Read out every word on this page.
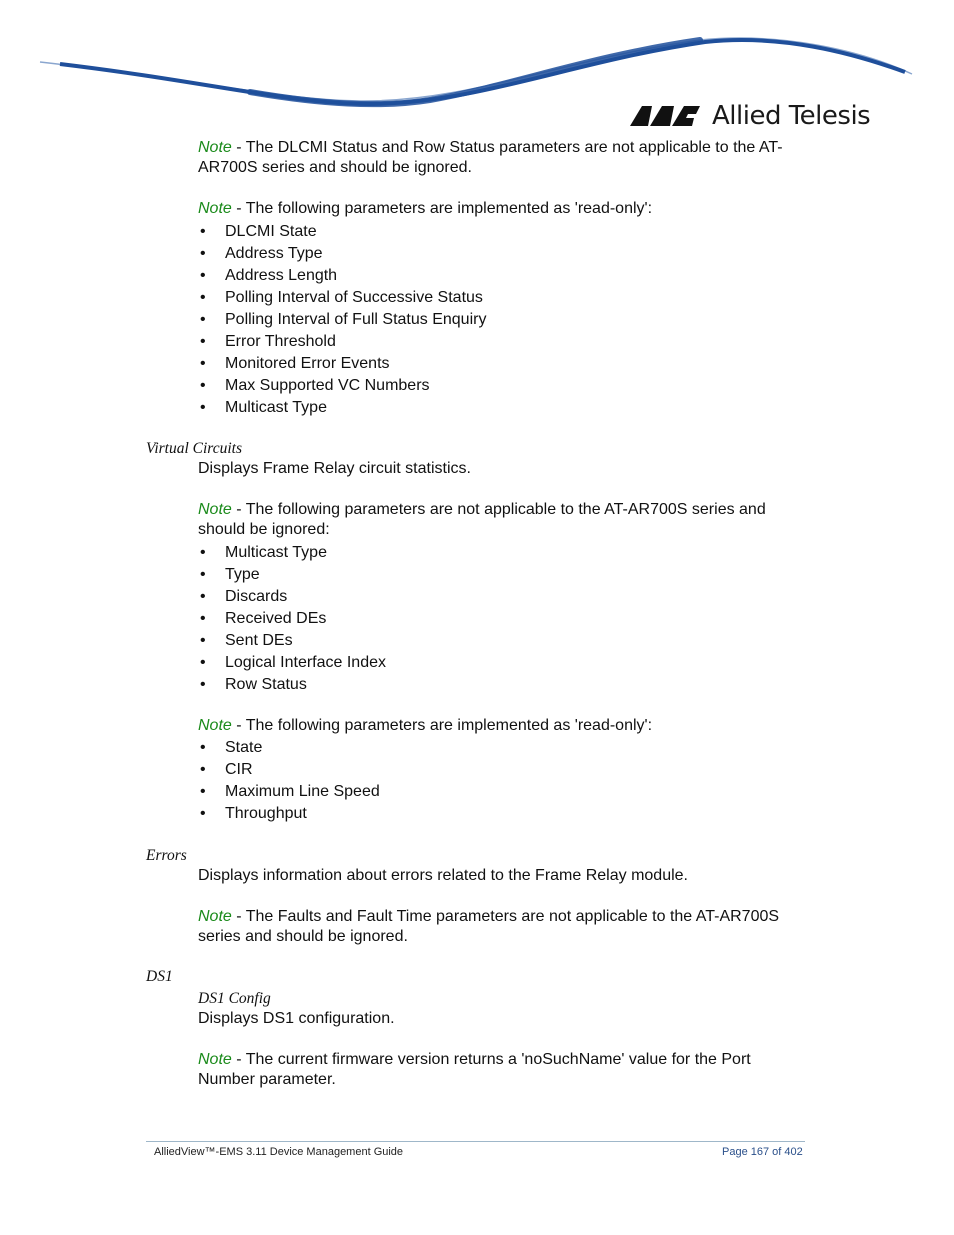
Allied Telesis
Note - The DLCMI Status and Row Status parameters are not applicable to the AT-AR700S series and should be ignored.
Note - The following parameters are implemented as 'read-only':
• DLCMI State
• Address Type
• Address Length
• Polling Interval of Successive Status
• Polling Interval of Full Status Enquiry
• Error Threshold
• Monitored Error Events
• Max Supported VC Numbers
• Multicast Type
Virtual Circuits
Displays Frame Relay circuit statistics.
Note - The following parameters are not applicable to the AT-AR700S series and should be ignored:
• Multicast Type
• Type
• Discards
• Received DEs
• Sent DEs
• Logical Interface Index
• Row Status
Note - The following parameters are implemented as 'read-only':
• State
• CIR
• Maximum Line Speed
• Throughput
Errors
Displays information about errors related to the Frame Relay module.
Note - The Faults and Fault Time parameters are not applicable to the AT-AR700S series and should be ignored.
DS1
DS1 Config
Displays DS1 configuration.
Note - The current firmware version returns a 'noSuchName' value for the Port Number parameter.
AlliedView™-EMS 3.11 Device Management Guide	Page 167 of 402
